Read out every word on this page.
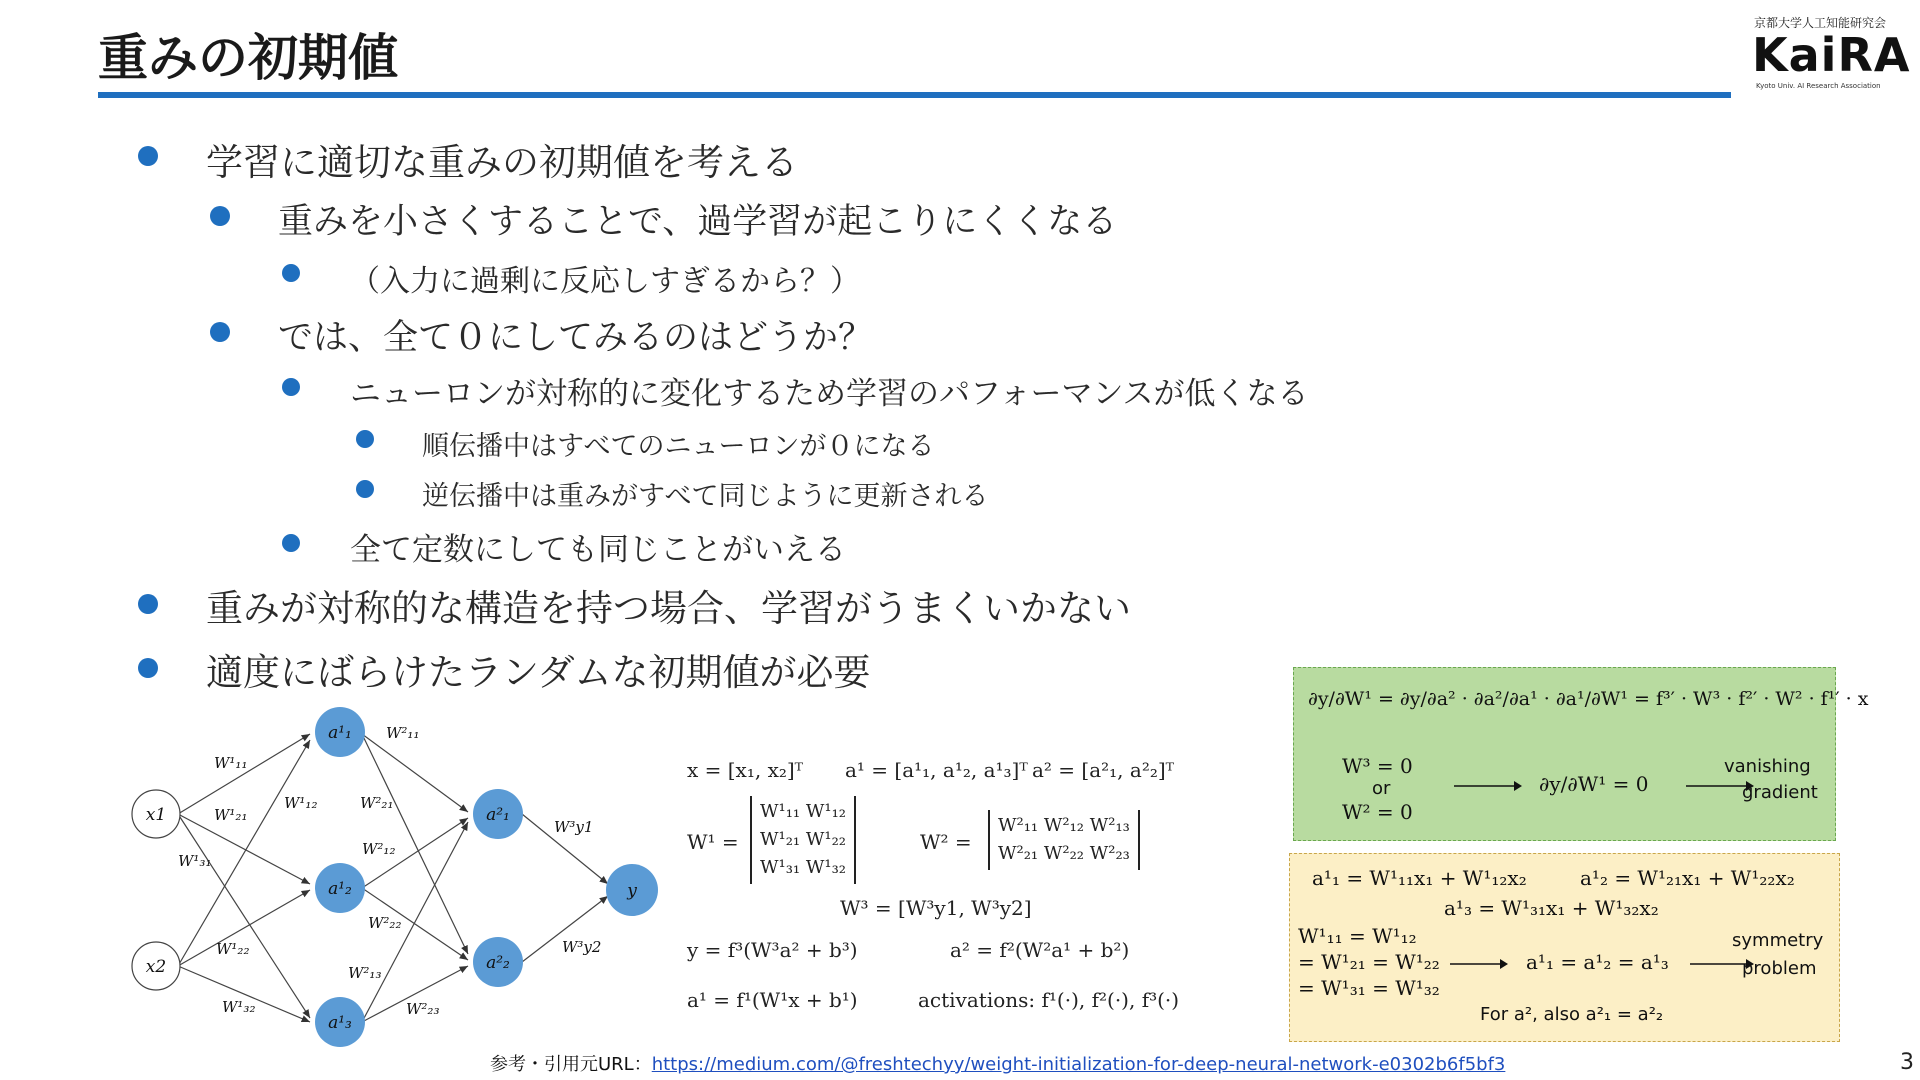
重みの初期値
京都大学人工知能研究会
KaiRA
Kyoto Univ. AI Research Association
学習に適切な重みの初期値を考える
重みを小さくすることで、過学習が起こりにくくなる
（入力に過剰に反応しすぎるから？）
では、全て０にしてみるのはどうか？
ニューロンが対称的に変化するため学習のパフォーマンスが低くなる
順伝播中はすべてのニューロンが０になる
逆伝播中は重みがすべて同じように更新される
全て定数にしても同じことがいえる
重みが対称的な構造を持つ場合、学習がうまくいかない
適度にばらけたランダムな初期値が必要
x1
x2
a¹₁
a¹₂
a¹₃
a²₁
a²₂
y
W¹₁₁
W¹₂₁
W¹₃₁
W¹₁₂
W¹₂₂
W¹₃₂
W²₁₁
W²₂₁
W²₁₂
W²₂₂
W²₁₃
W²₂₃
W³y1
W³y2
x = [x₁, x₂]ᵀ a¹ = [a¹₁, a¹₂, a¹₃]ᵀ a² = [a²₁, a²₂]ᵀ
W¹ =
W¹₁₁ W¹₁₂
W¹₂₁ W¹₂₂
W¹₃₁ W¹₃₂
W² =
W²₁₁ W²₁₂ W²₁₃
W²₂₁ W²₂₂ W²₂₃
W³ = [W³y1, W³y2]
y = f³(W³a² + b³)	a² = f²(W²a¹ + b²)
a¹ = f¹(W¹x + b¹)	activations: f¹(·), f²(·), f³(·)
∂y/∂W¹ = ∂y/∂a² · ∂a²/∂a¹ · ∂a¹/∂W¹ = f³′ · W³ · f²′ · W² · f¹′ · x
W³ = 0
or
W² = 0
∂y/∂W¹ = 0
vanishing
gradient
a¹₁ = W¹₁₁x₁ + W¹₁₂x₂	a¹₂ = W¹₂₁x₁ + W¹₂₂x₂
a¹₃ = W¹₃₁x₁ + W¹₃₂x₂
W¹₁₁ = W¹₁₂
= W¹₂₁ = W¹₂₂
= W¹₃₁ = W¹₃₂
a¹₁ = a¹₂ = a¹₃
symmetry
problem
For a², also a²₁ = a²₂
参考・引用元URL：https://medium.com/@freshtechyy/weight-initialization-for-deep-neural-network-e0302b6f5bf3	3
